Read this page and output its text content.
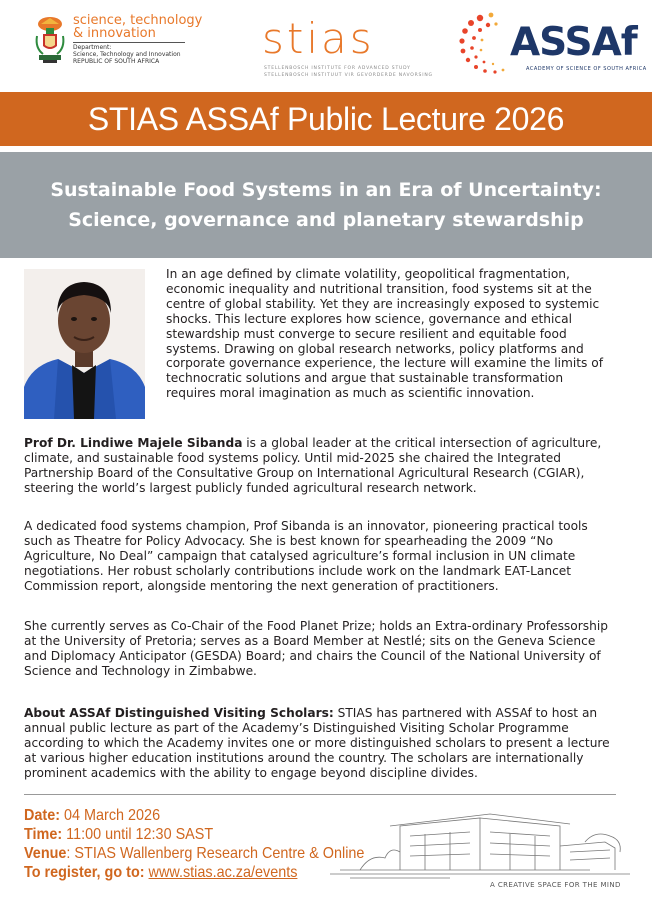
science, technology
& innovation
Department:
Science, Technology and Innovation
REPUBLIC OF SOUTH AFRICA stias
STELLENBOSCH INSTITUTE FOR ADVANCED STUDY
STELLENBOSCH INSTITUUT VIR GEVORDERDE NAVORSING
ASSAf
ACADEMY OF SCIENCE OF SOUTH AFRICA
STIAS ASSAf Public Lecture 2026
Sustainable Food Systems in an Era of Uncertainty:
Science, governance and planetary stewardship
In an age defined by climate volatility, geopolitical fragmentation, economic inequality and nutritional transition, food systems sit at the centre of global stability. Yet they are increasingly exposed to systemic shocks. This lecture explores how science, governance and ethical stewardship must converge to secure resilient and equitable food systems. Drawing on global research networks, policy platforms and corporate governance experience, the lecture will examine the limits of technocratic solutions and argue that sustainable transformation requires moral imagination as much as scientific innovation.
Prof Dr. Lindiwe Majele Sibanda is a global leader at the critical intersection of agriculture, climate, and sustainable food systems policy. Until mid-2025 she chaired the Integrated Partnership Board of the Consultative Group on International Agricultural Research (CGIAR), steering the world’s largest publicly funded agricultural research network.
A dedicated food systems champion, Prof Sibanda is an innovator, pioneering practical tools such as Theatre for Policy Advocacy. She is best known for spearheading the 2009 “No Agriculture, No Deal” campaign that catalysed agriculture’s formal inclusion in UN climate negotiations. Her robust scholarly contributions include work on the landmark EAT-Lancet Commission report, alongside mentoring the next generation of practitioners.
She currently serves as Co-Chair of the Food Planet Prize; holds an Extra-ordinary Professorship at the University of Pretoria; serves as a Board Member at Nestlé; sits on the Geneva Science and Diplomacy Anticipator (GESDA) Board; and chairs the Council of the National University of Science and Technology in Zimbabwe.
About ASSAf Distinguished Visiting Scholars: STIAS has partnered with ASSAf to host an annual public lecture as part of the Academy’s Distinguished Visiting Scholar Programme according to which the Academy invites one or more distinguished scholars to present a lecture at various higher education institutions around the country. The scholars are internationally prominent academics with the ability to engage beyond discipline divides.
Date: 04 March 2026
Time: 11:00 until 12:30 SAST
Venue: STIAS Wallenberg Research Centre & Online
To register, go to: www.stias.ac.za/events
A CREATIVE SPACE FOR THE MIND
